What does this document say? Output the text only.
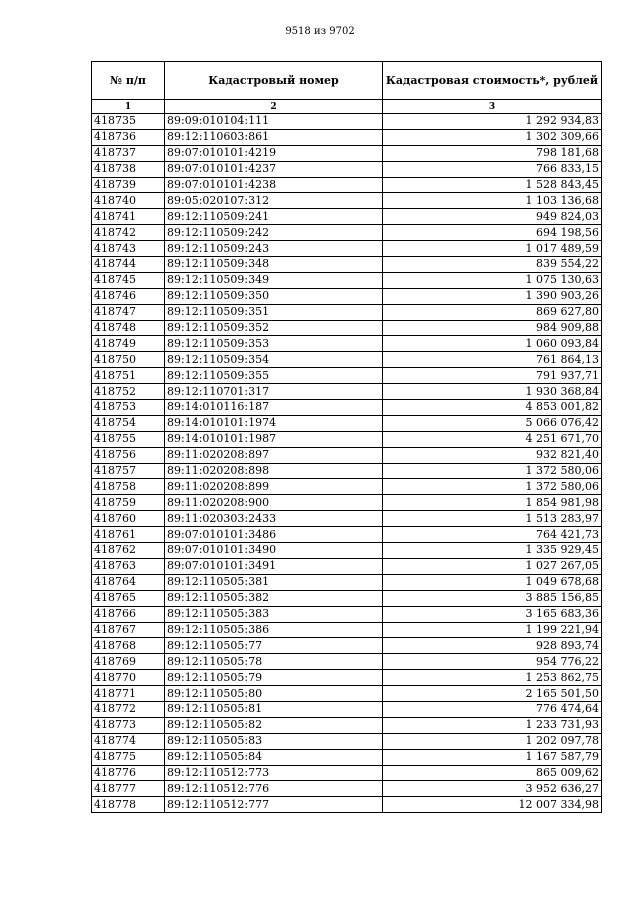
9518 из 9702
№ п/п	Кадастровый номер	Кадастровая стоимость*, рублей
1	2	3
418735	89:09:010104:111	1 292 934,83
418736	89:12:110603:861	1 302 309,66
418737	89:07:010101:4219	798 181,68
418738	89:07:010101:4237	766 833,15
418739	89:07:010101:4238	1 528 843,45
418740	89:05:020107:312	1 103 136,68
418741	89:12:110509:241	949 824,03
418742	89:12:110509:242	694 198,56
418743	89:12:110509:243	1 017 489,59
418744	89:12:110509:348	839 554,22
418745	89:12:110509:349	1 075 130,63
418746	89:12:110509:350	1 390 903,26
418747	89:12:110509:351	869 627,80
418748	89:12:110509:352	984 909,88
418749	89:12:110509:353	1 060 093,84
418750	89:12:110509:354	761 864,13
418751	89:12:110509:355	791 937,71
418752	89:12:110701:317	1 930 368,84
418753	89:14:010116:187	4 853 001,82
418754	89:14:010101:1974	5 066 076,42
418755	89:14:010101:1987	4 251 671,70
418756	89:11:020208:897	932 821,40
418757	89:11:020208:898	1 372 580,06
418758	89:11:020208:899	1 372 580,06
418759	89:11:020208:900	1 854 981,98
418760	89:11:020303:2433	1 513 283,97
418761	89:07:010101:3486	764 421,73
418762	89:07:010101:3490	1 335 929,45
418763	89:07:010101:3491	1 027 267,05
418764	89:12:110505:381	1 049 678,68
418765	89:12:110505:382	3 885 156,85
418766	89:12:110505:383	3 165 683,36
418767	89:12:110505:386	1 199 221,94
418768	89:12:110505:77	928 893,74
418769	89:12:110505:78	954 776,22
418770	89:12:110505:79	1 253 862,75
418771	89:12:110505:80	2 165 501,50
418772	89:12:110505:81	776 474,64
418773	89:12:110505:82	1 233 731,93
418774	89:12:110505:83	1 202 097,78
418775	89:12:110505:84	1 167 587,79
418776	89:12:110512:773	865 009,62
418777	89:12:110512:776	3 952 636,27
418778	89:12:110512:777	12 007 334,98
